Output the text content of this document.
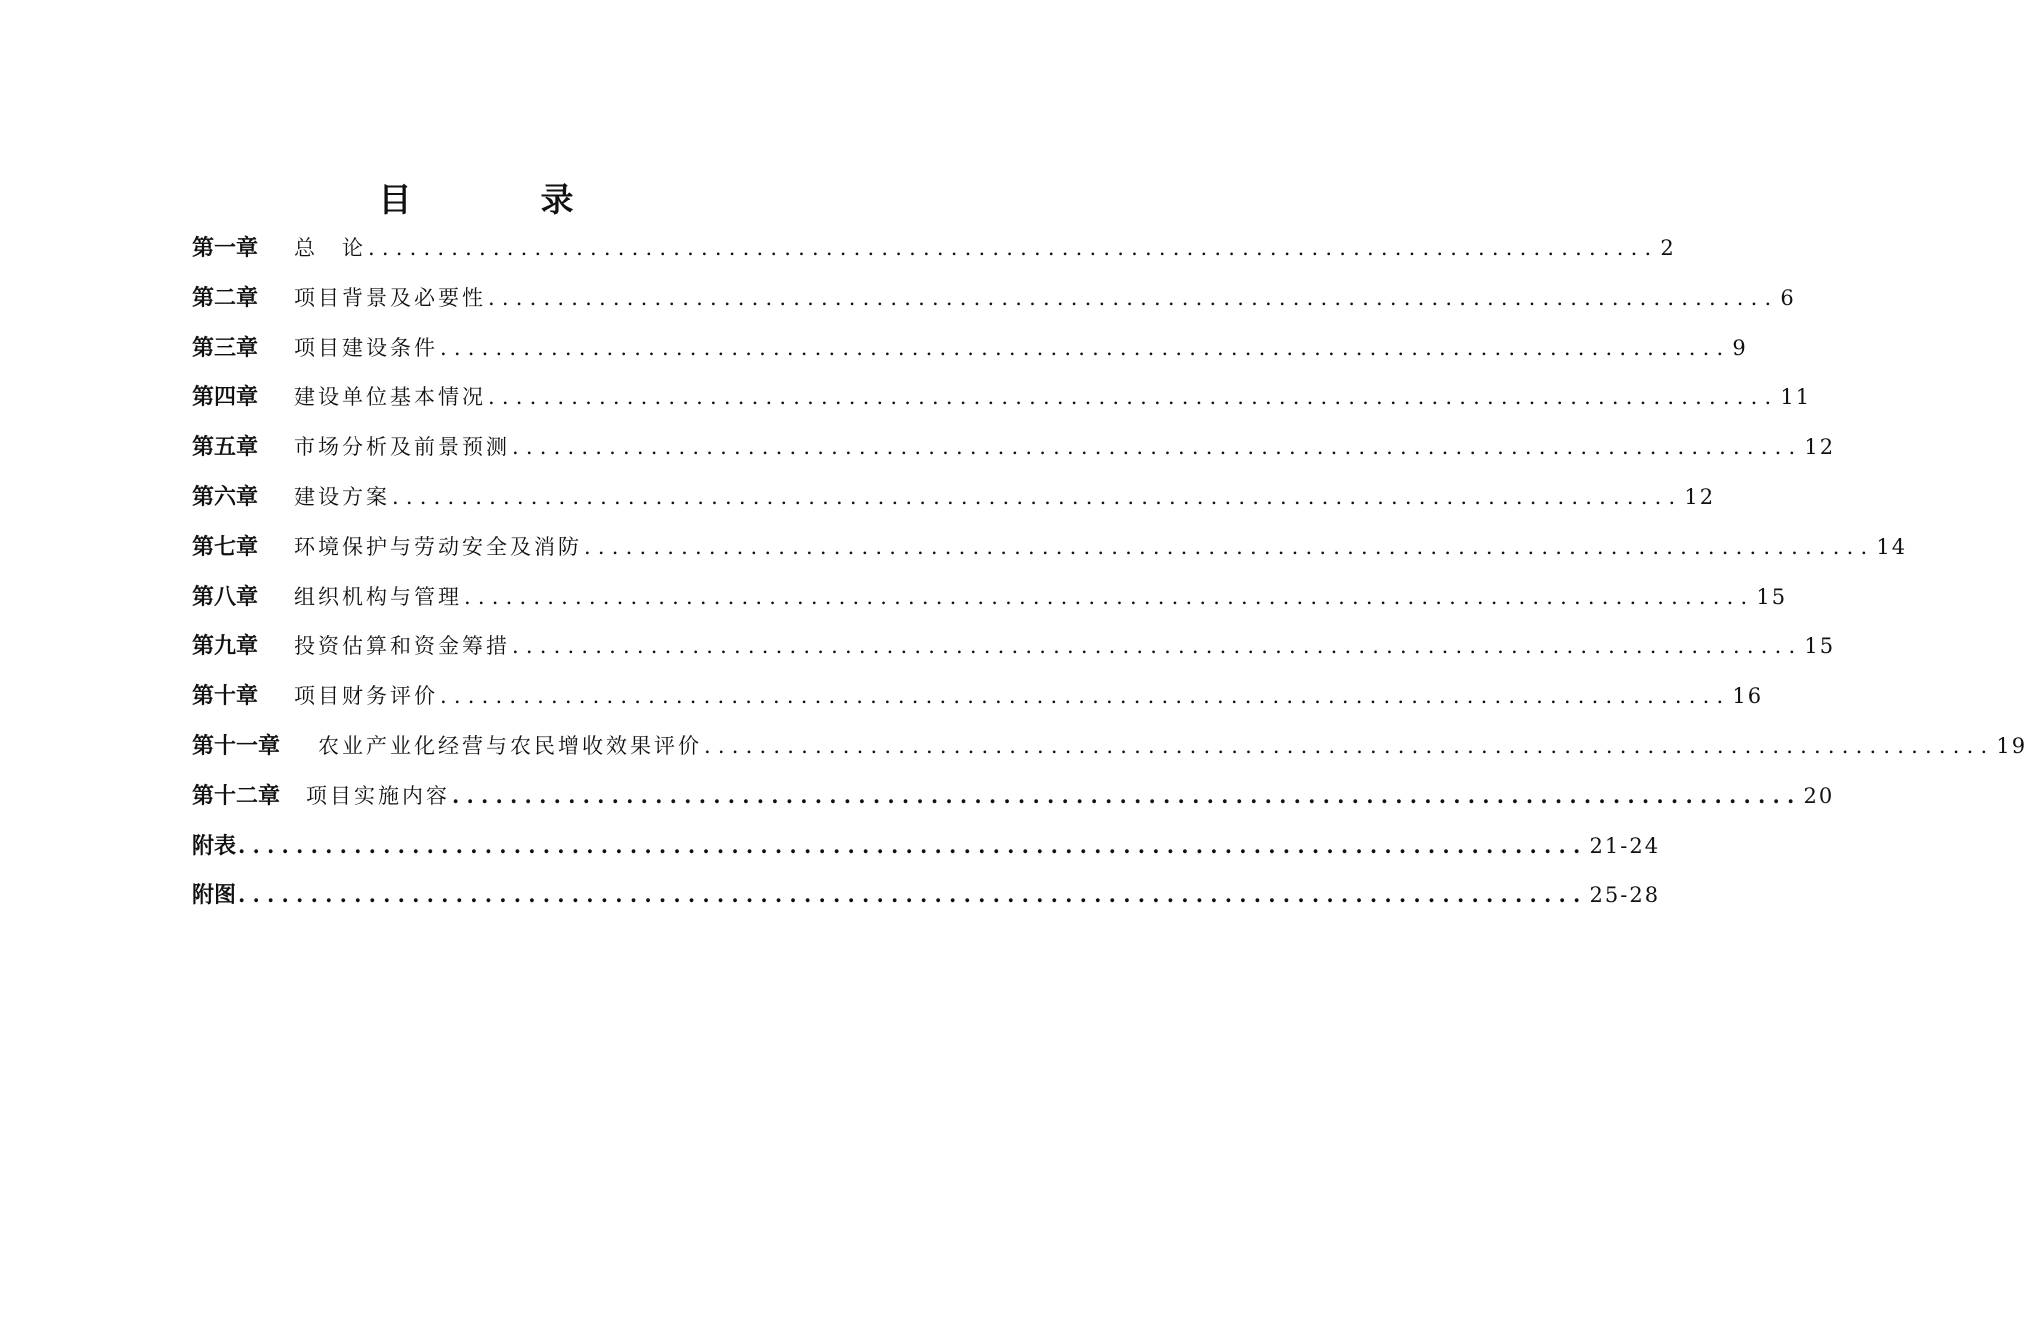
目　录
第一章	总　论 ............................................................................................. 2
第二章	项目背景及必要性 ............................................................................................. 6
第三章	项目建设条件 ............................................................................................. 9
第四章	建设单位基本情况 ............................................................................................. 11
第五章	市场分析及前景预测 ............................................................................................. 12
第六章	建设方案 ............................................................................................. 12
第七章	环境保护与劳动安全及消防 ............................................................................................. 14
第八章	组织机构与管理 ............................................................................................. 15
第九章	投资估算和资金筹措 ............................................................................................. 15
第十章	项目财务评价 ............................................................................................. 16
第十一章	农业产业化经营与农民增收效果评价 ............................................................................................. 19
第十二章	项目实施内容 ............................................................................................. 20
附表 ............................................................................................. 21-24
附图 ............................................................................................. 25-28
